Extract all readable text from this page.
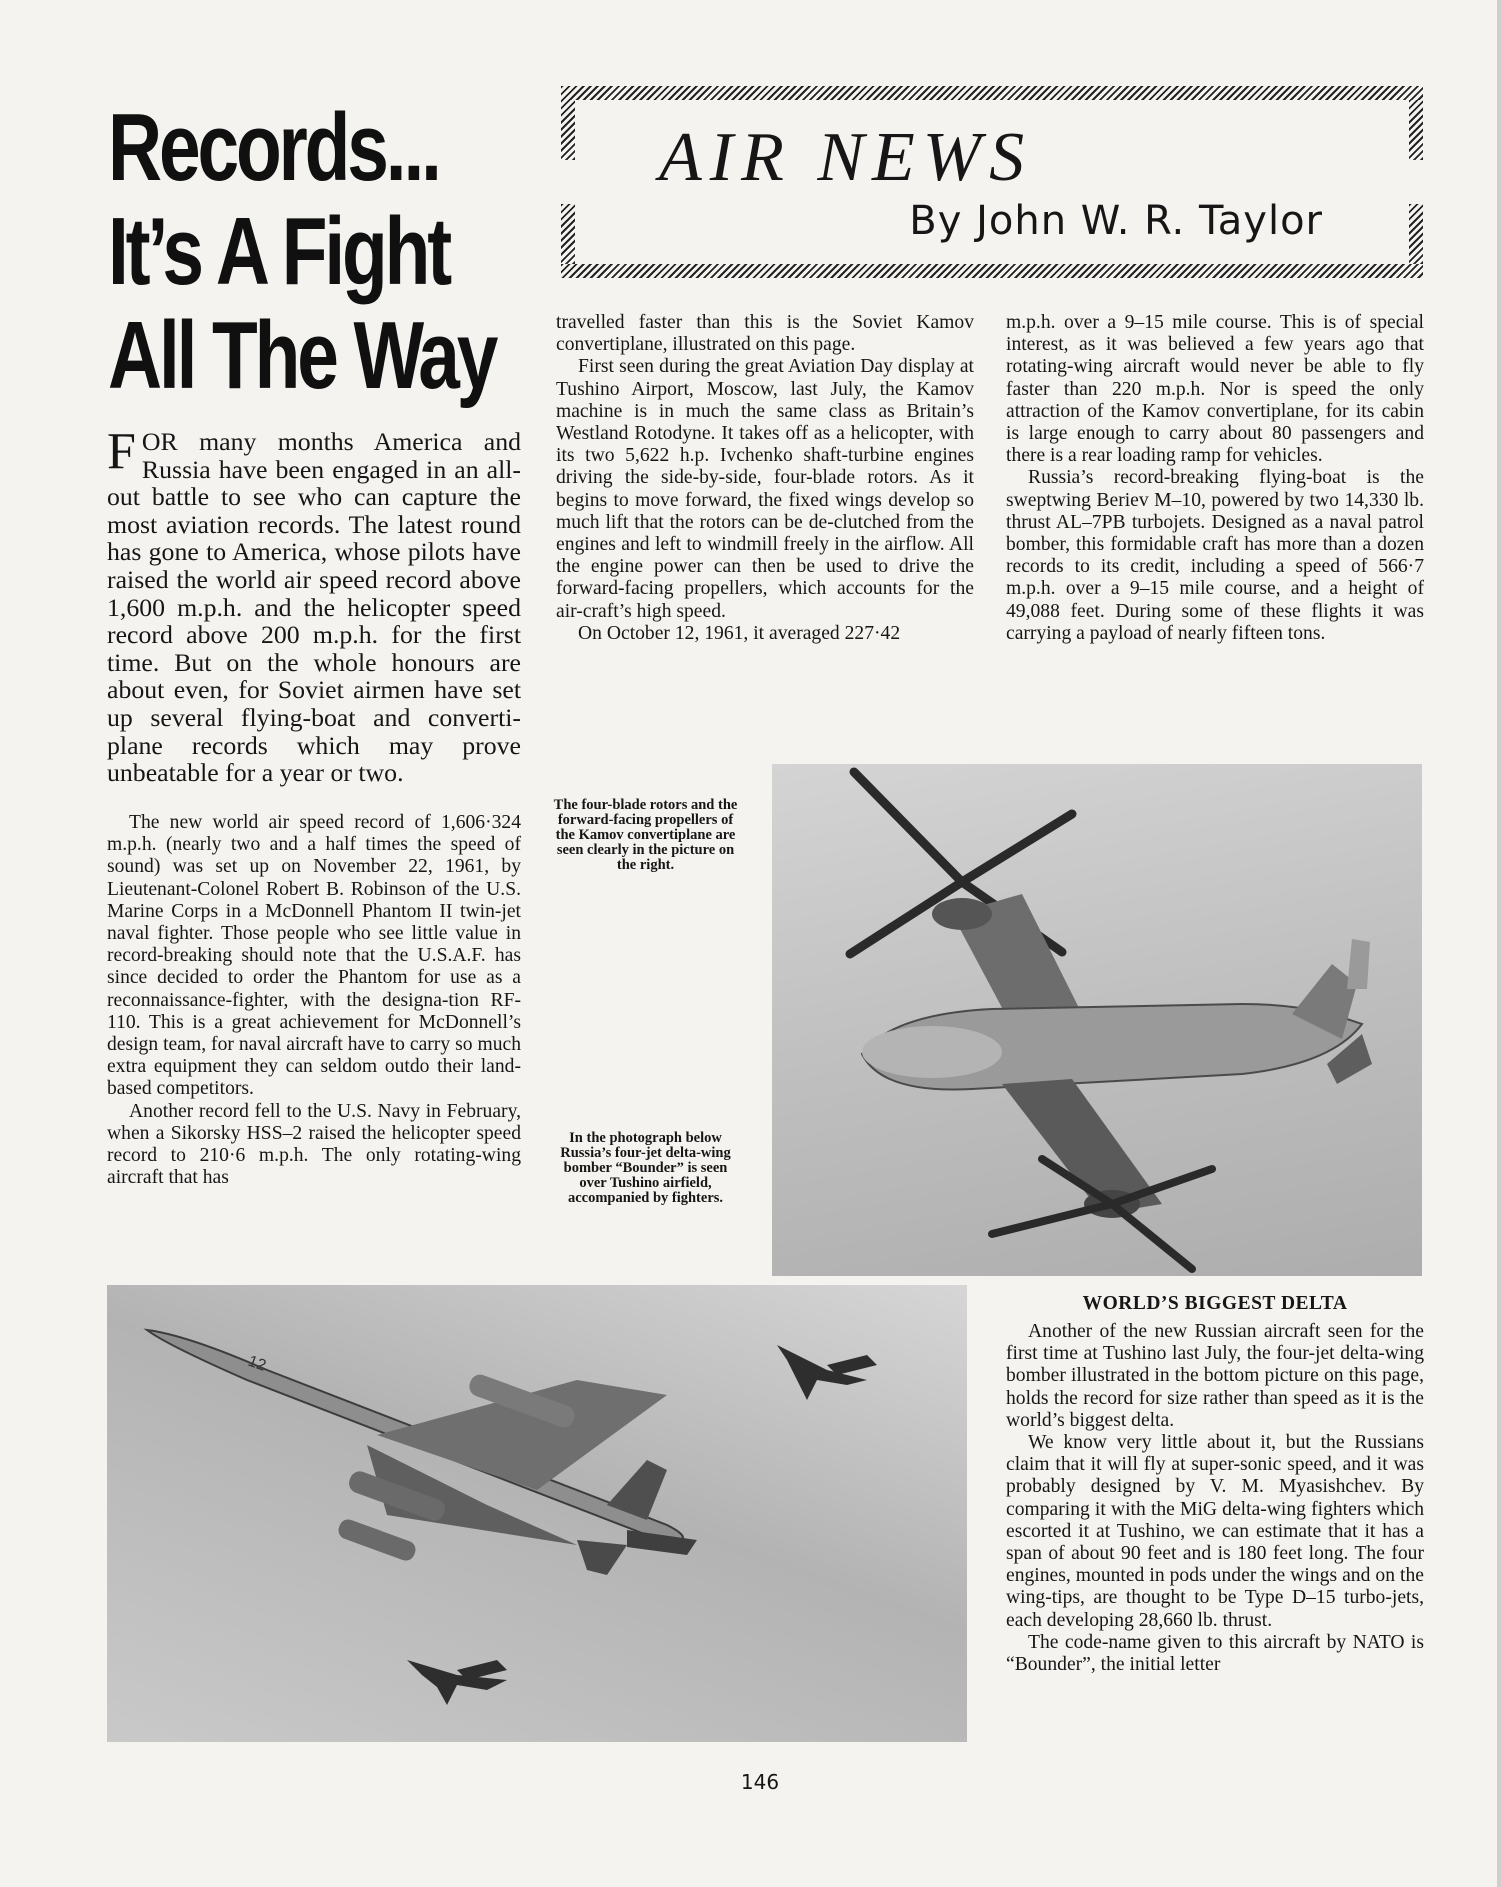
Records...
It’s A Fight
All The Way
AIR NEWS
By John W. R. Taylor
FOR many months America and Russia have been engaged in an all-out battle to see who can capture the most aviation records. The latest round has gone to America, whose pilots have raised the world air speed record above 1,600 m.p.h. and the helicopter speed record above 200 m.p.h. for the first time. But on the whole honours are about even, for Soviet airmen have set up several flying-boat and converti-plane records which may prove unbeatable for a year or two.

The new world air speed record of 1,606·324 m.p.h. (nearly two and a half times the speed of sound) was set up on November 22, 1961, by Lieutenant-Colonel Robert B. Robinson of the U.S. Marine Corps in a McDonnell Phantom II twin-jet naval fighter. Those people who see little value in record-breaking should note that the U.S.A.F. has since decided to order the Phantom for use as a reconnaissance-fighter, with the designa-tion RF-110. This is a great achievement for McDonnell’s design team, for naval aircraft have to carry so much extra equipment they can seldom outdo their land-based competitors.

Another record fell to the U.S. Navy in February, when a Sikorsky HSS–2 raised the helicopter speed record to 210·6 m.p.h. The only rotating-wing aircraft that has

travelled faster than this is the Soviet Kamov convertiplane, illustrated on this page.

First seen during the great Aviation Day display at Tushino Airport, Moscow, last July, the Kamov machine is in much the same class as Britain’s Westland Rotodyne. It takes off as a helicopter, with its two 5,622 h.p. Ivchenko shaft-turbine engines driving the side-by-side, four-blade rotors. As it begins to move forward, the fixed wings develop so much lift that the rotors can be de-clutched from the engines and left to windmill freely in the airflow. All the engine power can then be used to drive the forward-facing propellers, which accounts for the air-craft’s high speed.

On October 12, 1961, it averaged 227·42

m.p.h. over a 9–15 mile course. This is of special interest, as it was believed a few years ago that rotating-wing aircraft would never be able to fly faster than 220 m.p.h. Nor is speed the only attraction of the Kamov convertiplane, for its cabin is large enough to carry about 80 passengers and there is a rear loading ramp for vehicles.

Russia’s record-breaking flying-boat is the sweptwing Beriev M–10, powered by two 14,330 lb. thrust AL–7PB turbojets. Designed as a naval patrol bomber, this formidable craft has more than a dozen records to its credit, including a speed of 566·7 m.p.h. over a 9–15 mile course, and a height of 49,088 feet. During some of these flights it was carrying a payload of nearly fifteen tons.

The four-blade rotors and the forward-facing propellers of the Kamov convertiplane are seen clearly in the picture on the right.
In the photograph below Russia’s four-jet delta-wing bomber “Bounder” is seen over Tushino airfield, accompanied by fighters.
12
WORLD’S BIGGEST DELTA

Another of the new Russian aircraft seen for the first time at Tushino last July, the four-jet delta-wing bomber illustrated in the bottom picture on this page, holds the record for size rather than speed as it is the world’s biggest delta.

We know very little about it, but the Russians claim that it will fly at super-sonic speed, and it was probably designed by V. M. Myasishchev. By comparing it with the MiG delta-wing fighters which escorted it at Tushino, we can estimate that it has a span of about 90 feet and is 180 feet long. The four engines, mounted in pods under the wings and on the wing-tips, are thought to be Type D–15 turbo-jets, each developing 28,660 lb. thrust.

The code-name given to this aircraft by NATO is “Bounder”, the initial letter

146
